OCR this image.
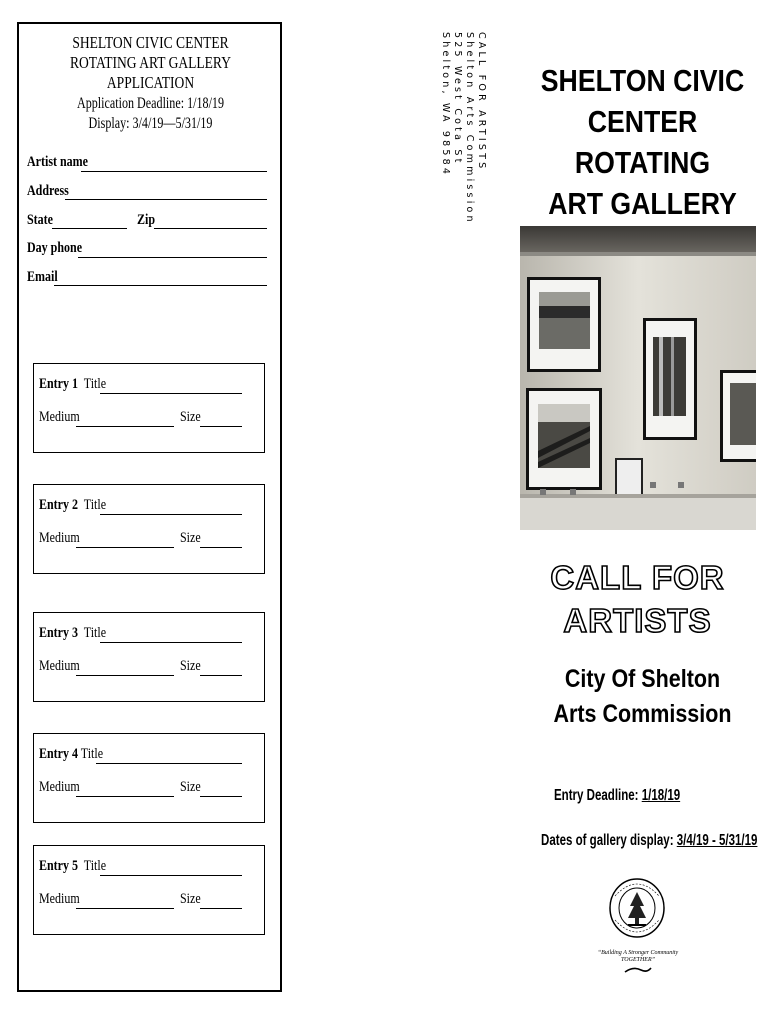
SHELTON CIVIC CENTER
ROTATING ART GALLERY
APPLICATION
Application Deadline: 1/18/19
Display: 3/4/19—5/31/19
Artist name
Address
State	Zip
Day phone
Email
Entry 1 Title
Medium	Size
Entry 2 Title
Medium	Size
Entry 3 Title
Medium	Size
Entry 4 Title
Medium	Size
Entry 5 Title
Medium	Size
CALL FOR ARTISTS
Shelton Arts Commission
525 West Cota St
Shelton, WA 98584	SHELTON CIVIC
CENTER ROTATING
ART GALLERY
CALL FOR
ARTISTS
City Of Shelton
Arts Commission
Entry Deadline: 1/18/19
Dates of gallery display: 3/4/19 - 5/31/19
“Building A Stronger Community
TOGETHER”
